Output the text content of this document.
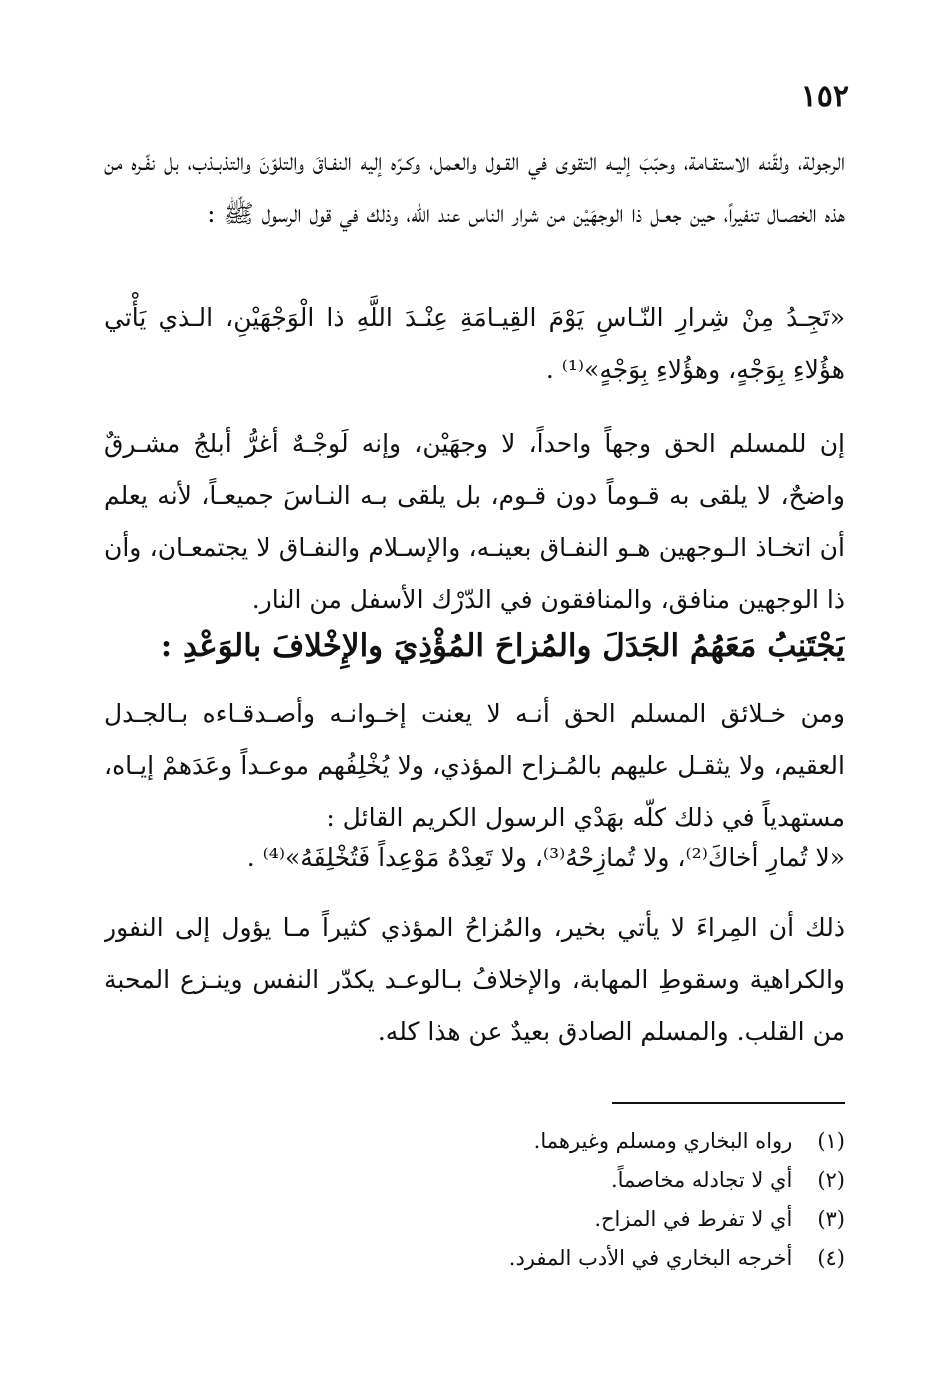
١٥٢
الرجولة، ولقّنه الاستقـامة، وحبّبَ إليـه التقوى في القـول والعمل، وكـرّه إليه النفـاقَ والتلوّنَ والتذبـذب، بل نفّـره من هذه الخصـال تنفيراً، حين جعـل ذا الوجهَيْن من شرار الناس عند الله، وذلك في قول الرسول ﷺ :
«تَجِـدُ مِنْ شِرارِ النّـاسِ يَوْمَ القِيـامَةِ عِنْـدَ اللَّهِ ذا الْوَجْهَيْنِ، الـذي يَأْتي هؤُلاءِ بِوَجْهٍ، وهؤُلاءِ بِوَجْهٍ»⁽¹⁾ .
إن للمسلم الحق وجهاً واحداً، لا وجهَيْن، وإنه لَوجْـهٌ أغرُّ أبلجُ مشـرقٌ واضحٌ، لا يلقى به قـوماً دون قـوم، بل يلقى بـه النـاسَ جميعـاً، لأنه يعلم أن اتخـاذ الـوجهين هـو النفـاق بعينـه، والإسـلام والنفـاق لا يجتمعـان، وأن ذا الوجهين منافق، والمنافقون في الدّرْك الأسفل من النار.
يَجْتَنِبُ مَعَهُمُ الجَدَلَ والمُزاحَ المُؤْذِيَ والإِخْلافَ بالوَعْدِ :
ومن خـلائق المسلم الحق أنـه لا يعنت إخـوانـه وأصـدقـاءه بـالجـدل العقيم، ولا يثقـل عليهم بالمُـزاح المؤذي، ولا يُخْلِفُهم موعـداً وعَدَهمْ إيـاه، مستهدياً في ذلك كلّه بهَدْي الرسول الكريم القائل :
«لا تُمارِ أخاكَ⁽²⁾، ولا تُمازِحْهُ⁽³⁾، ولا تَعِدْهُ مَوْعِداً فَتُخْلِفَهُ»⁽⁴⁾ .
ذلك أن المِراءَ لا يأتي بخير، والمُزاحُ المؤذي كثيراً مـا يؤول إلى النفور والكراهية وسقوطِ المهابة، والإخلافُ بـالوعـد يكدّر النفس وينـزع المحبة من القلب. والمسلم الصادق بعيدٌ عن هذا كله.
(١) رواه البخاري ومسلم وغيرهما.
(٢) أي لا تجادله مخاصماً.
(٣) أي لا تفرط في المزاح.
(٤) أخرجه البخاري في الأدب المفرد.
